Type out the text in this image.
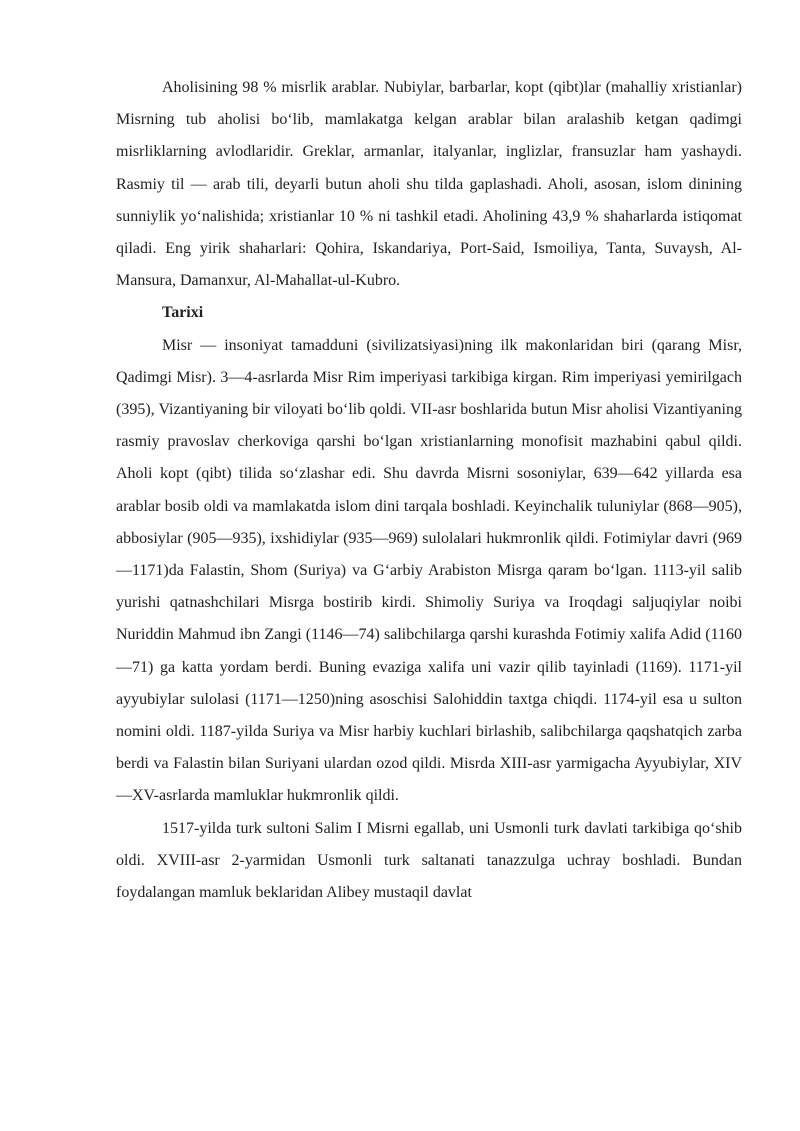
Aholisining 98 % misrlik arablar. Nubiylar, barbarlar, kopt (qibt)lar (mahalliy xristianlar) Misrning tub aholisi bo‘lib, mamlakatga kelgan arablar bilan aralashib ketgan qadimgi misrliklarning avlodlaridir. Greklar, armanlar, italyanlar, inglizlar, fransuzlar ham yashaydi. Rasmiy til — arab tili, deyarli butun aholi shu tilda gaplashadi. Aholi, asosan, islom dinining sunniylik yo‘nalishida; xristianlar 10 % ni tashkil etadi. Aholining 43,9 % shaharlarda istiqomat qiladi. Eng yirik shaharlari: Qohira, Iskandariya, Port-Said, Ismoiliya, Tanta, Suvaysh, Al-Mansura, Damanxur, Al-Mahallat-ul-Kubro.

Tarixi

Misr — insoniyat tamadduni (sivilizatsiyasi)ning ilk makonlaridan biri (qarang Misr, Qadimgi Misr). 3—4-asrlarda Misr Rim imperiyasi tarkibiga kirgan. Rim imperiyasi yemirilgach (395), Vizantiyaning bir viloyati bo‘lib qoldi. VII-asr boshlarida butun Misr aholisi Vizantiyaning rasmiy pravoslav cherkoviga qarshi bo‘lgan xristianlarning monofisit mazhabini qabul qildi. Aholi kopt (qibt) tilida so‘zlashar edi. Shu davrda Misrni sosoniylar, 639—642 yillarda esa arablar bosib oldi va mamlakatda islom dini tarqala boshladi. Keyinchalik tuluniylar (868—905), abbosiylar (905—935), ixshidiylar (935—969) sulolalari hukmronlik qildi. Fotimiylar davri (969—1171)da Falastin, Shom (Suriya) va G‘arbiy Arabiston Misrga qaram bo‘lgan. 1113-yil salib yurishi qatnashchilari Misrga bostirib kirdi. Shimoliy Suriya va Iroqdagi saljuqiylar noibi Nuriddin Mahmud ibn Zangi (1146—74) salibchilarga qarshi kurashda Fotimiy xalifa Adid (1160—71) ga katta yordam berdi. Buning evaziga xalifa uni vazir qilib tayinladi (1169). 1171-yil ayyubiylar sulolasi (1171—1250)ning asoschisi Salohiddin taxtga chiqdi. 1174-yil esa u sulton nomini oldi. 1187-yilda Suriya va Misr harbiy kuchlari birlashib, salibchilarga qaqshatqich zarba berdi va Falastin bilan Suriyani ulardan ozod qildi. Misrda XIII-asr yarmigacha Ayyubiylar, XIV—XV-asrlarda mamluklar hukmronlik qildi.

1517-yilda turk sultoni Salim I Misrni egallab, uni Usmonli turk davlati tarkibiga qo‘shib oldi. XVIII-asr 2-yarmidan Usmonli turk saltanati tanazzulga uchray boshladi. Bundan foydalangan mamluk beklaridan Alibey mustaqil davlat
